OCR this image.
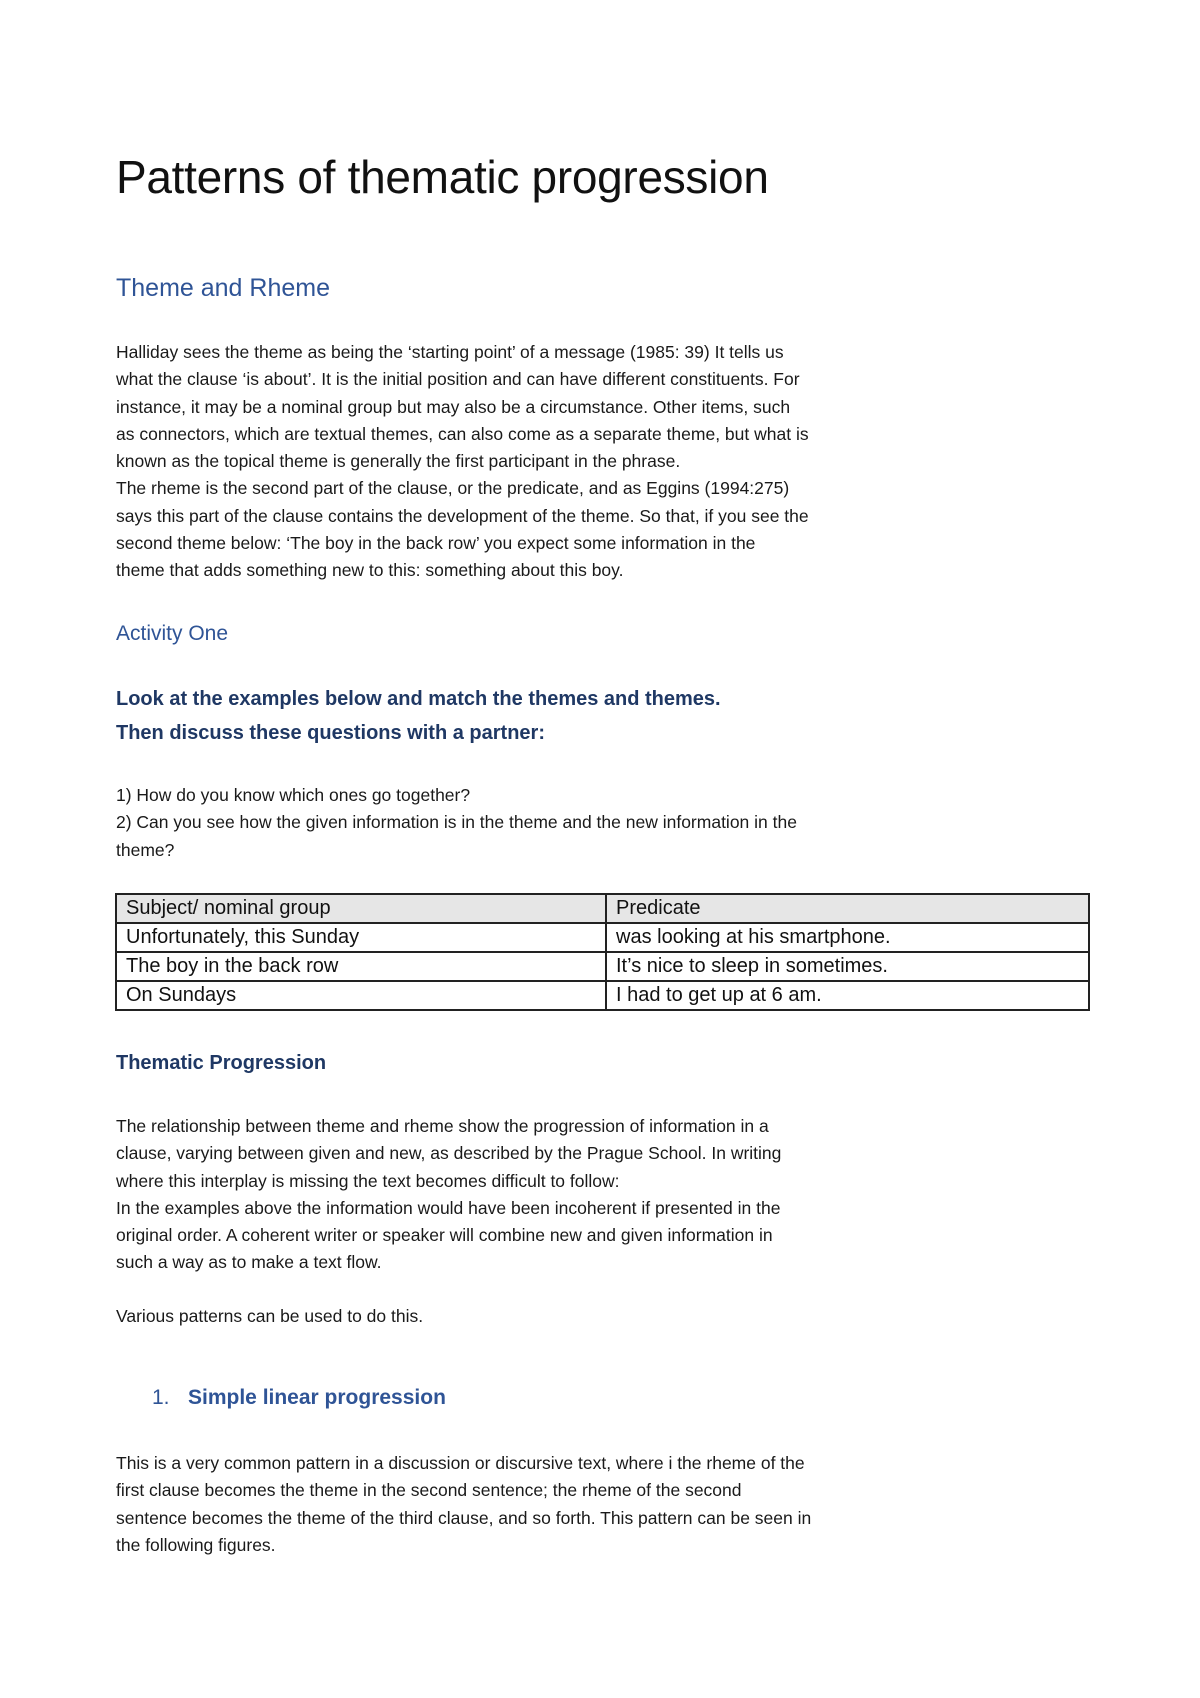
Patterns of thematic progression
Theme and Rheme
Halliday sees the theme as being the ‘starting point’ of a message (1985: 39) It tells us
what the clause ‘is about’. It is the initial position and can have different constituents. For
instance, it may be a nominal group but may also be a circumstance. Other items, such
as connectors, which are textual themes, can also come as a separate theme, but what is
known as the topical theme is generally the first participant in the phrase.
The rheme is the second part of the clause, or the predicate, and as Eggins (1994:275)
says this part of the clause contains the development of the theme. So that, if you see the
second theme below: ‘The boy in the back row’ you expect some information in the
theme that adds something new to this: something about this boy.
Activity One

Look at the examples below and match the themes and themes.

Then discuss these questions with a partner:

1) How do you know which ones go together?
2) Can you see how the given information is in the theme and the new information in the
theme?
Subject/ nominal group	Predicate
Unfortunately, this Sunday	was looking at his smartphone.
The boy in the back row	It’s nice to sleep in sometimes.
On Sundays	I had to get up at 6 am.
Thematic Progression
The relationship between theme and rheme show the progression of information in a
clause, varying between given and new, as described by the Prague School. In writing
where this interplay is missing the text becomes difficult to follow:
In the examples above the information would have been incoherent if presented in the
original order. A coherent writer or speaker will combine new and given information in
such a way as to make a text flow.

Various patterns can be used to do this.

1. Simple linear progression
This is a very common pattern in a discussion or discursive text, where i the rheme of the
first clause becomes the theme in the second sentence; the rheme of the second
sentence becomes the theme of the third clause, and so forth. This pattern can be seen in
the following figures.
